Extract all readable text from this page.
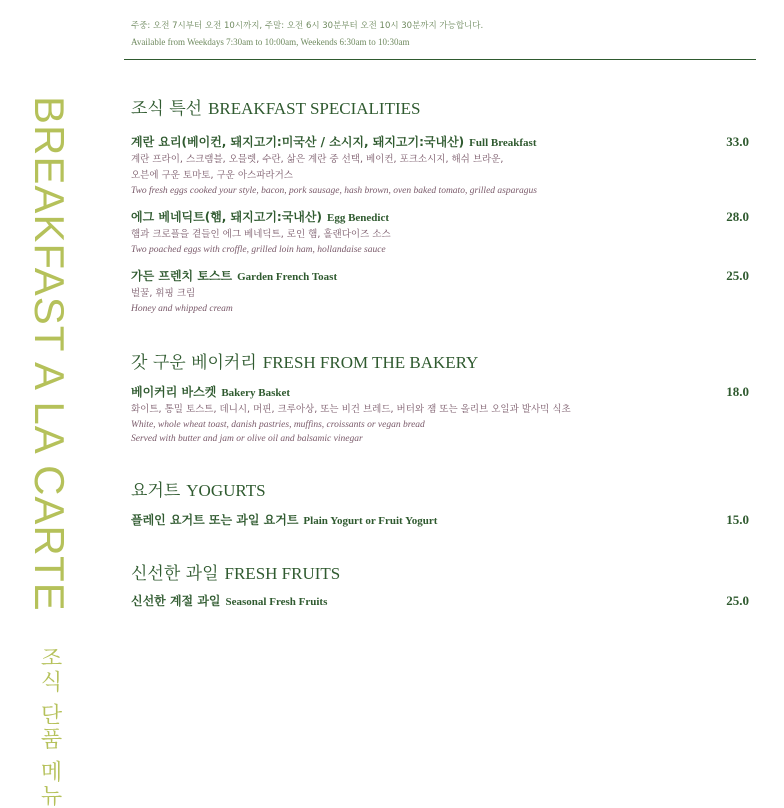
주중: 오전 7시부터 오전 10시까지, 주말: 오전 6시 30분부터 오전 10시 30분까지 가능합니다.
Available from Weekdays 7:30am to 10:00am, Weekends 6:30am to 10:30am
BREAKFAST A LA CARTE 조식 단품 메뉴
조식 특선 BREAKFAST SPECIALITIES
계란 요리(베이컨, 돼지고기:미국산 / 소시지, 돼지고기:국내산) Full Breakfast	33.0
계란 프라이, 스크램블, 오믈렛, 수란, 삶은 계란 중 선택, 베이컨, 포크소시지, 해쉬 브라운,
오븐에 구운 토마토, 구운 아스파라거스
Two fresh eggs cooked your style, bacon, pork sausage, hash brown, oven baked tomato, grilled asparagus
에그 베네딕트(햄, 돼지고기:국내산) Egg Benedict	28.0
햄과 크로플을 곁들인 에그 베네딕트, 로인 햄, 홀랜다이즈 소스
Two poached eggs with croffle, grilled loin ham, hollandaise sauce
가든 프렌치 토스트 Garden French Toast	25.0
벌꿀, 휘핑 크림
Honey and whipped cream
갓 구운 베이커리 FRESH FROM THE BAKERY
베이커리 바스켓 Bakery Basket	18.0
화이트, 통밀 토스트, 데니시, 머핀, 크루아상, 또는 비건 브레드, 버터와 잼 또는 올리브 오일과 발사믹 식초
White, whole wheat toast, danish pastries, muffins, croissants or vegan bread
Served with butter and jam or olive oil and balsamic vinegar
요거트 YOGURTS
플레인 요거트 또는 과일 요거트 Plain Yogurt or Fruit Yogurt	15.0
신선한 과일 FRESH FRUITS
신선한 계절 과일 Seasonal Fresh Fruits	25.0
